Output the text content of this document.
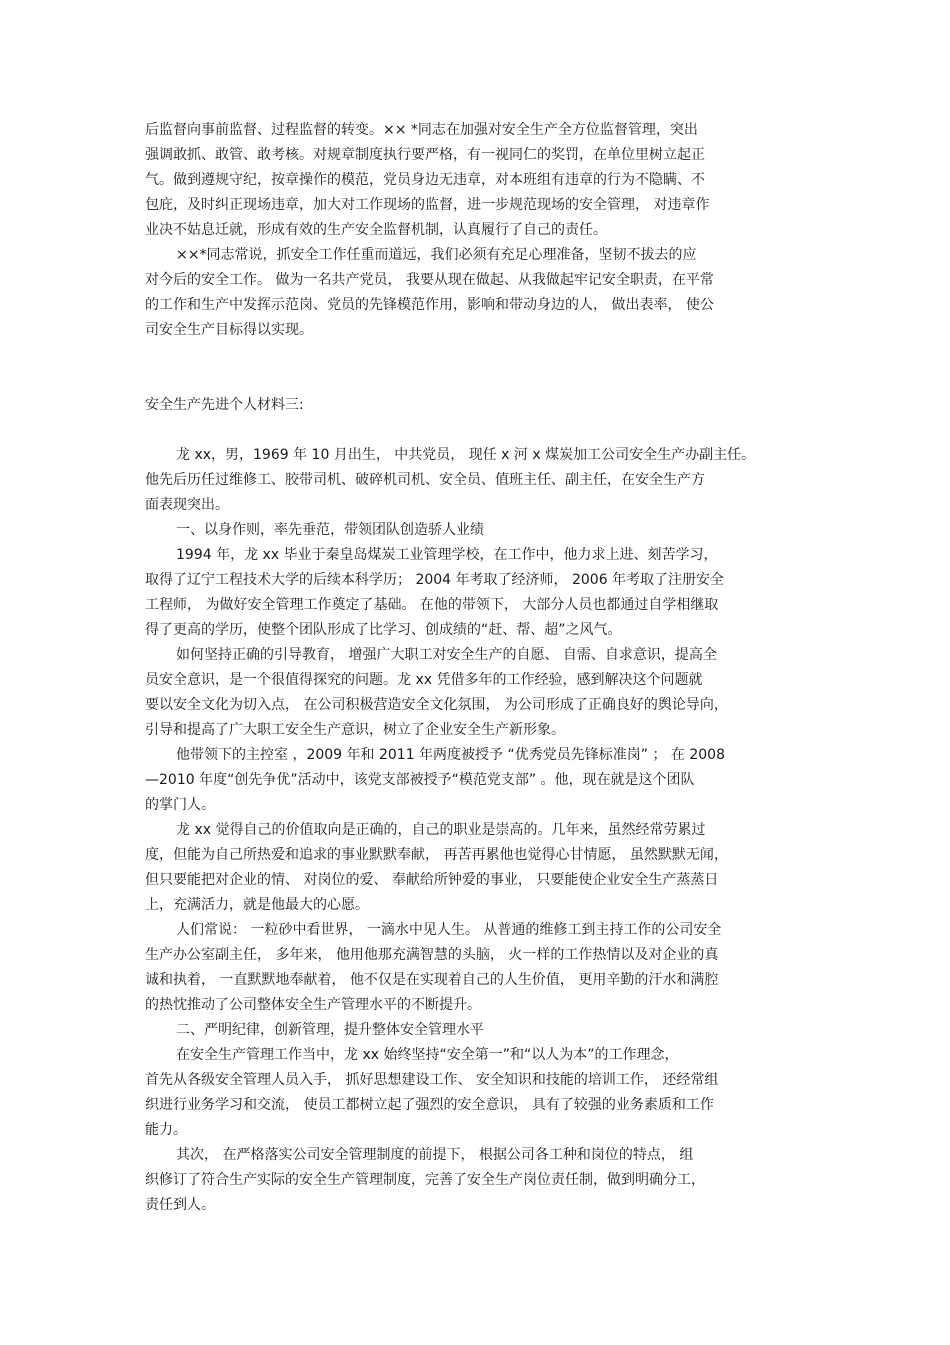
后监督向事前监督、过程监督的转变。×× *同志在加强对安全生产全方位监督管理，突出
强调敢抓、敢管、敢考核。对规章制度执行要严格，有一视同仁的奖罚，在单位里树立起正
气。做到遵规守纪，按章操作的模范，党员身边无违章，对本班组有违章的行为不隐瞒、不
包庇，及时纠正现场违章，加大对工作现场的监督，进一步规范现场的安全管理， 对违章作
业决不姑息迁就，形成有效的生产安全监督机制，认真履行了自己的责任。
××*同志常说，抓安全工作任重而道远，我们必须有充足心理准备，坚韧不拔去的应
对今后的安全工作。 做为一名共产党员， 我要从现在做起、从我做起牢记安全职责，在平常
的工作和生产中发挥示范岗、党员的先锋模范作用，影响和带动身边的人， 做出表率， 使公
司安全生产目标得以实现。
安全生产先进个人材料三:
龙 xx，男，1969 年 10 月出生， 中共党员， 现任 x 河 x 煤炭加工公司安全生产办副主任。
他先后历任过维修工、胶带司机、破碎机司机、安全员、值班主任、副主任，在安全生产方
面表现突出。
一、以身作则，率先垂范，带领团队创造骄人业绩
1994 年，龙 xx 毕业于秦皇岛煤炭工业管理学校，在工作中，他力求上进、刻苦学习，
取得了辽宁工程技术大学的后续本科学历； 2004 年考取了经济师， 2006 年考取了注册安全
工程师， 为做好安全管理工作奠定了基础。 在他的带领下， 大部分人员也都通过自学相继取
得了更高的学历，使整个团队形成了比学习、创成绩的“赶、帮、超”之风气。
如何坚持正确的引导教育， 增强广大职工对安全生产的自愿、 自需、自求意识，提高全
员安全意识，是一个很值得探究的问题。龙 xx 凭借多年的工作经验，感到解决这个问题就
要以安全文化为切入点， 在公司积极营造安全文化氛围， 为公司形成了正确良好的舆论导向，
引导和提高了广大职工安全生产意识，树立了企业安全生产新形象。
他带领下的主控室 ，2009 年和 2011 年两度被授予 “优秀党员先锋标准岗” ； 在 2008
—2010 年度“创先争优”活动中，该党支部被授予“模范党支部” 。他，现在就是这个团队
的掌门人。
龙 xx 觉得自己的价值取向是正确的，自己的职业是崇高的。几年来，虽然经常劳累过
度，但能为自己所热爱和追求的事业默默奉献， 再苦再累他也觉得心甘情愿， 虽然默默无闻，
但只要能把对企业的情、 对岗位的爱、 奉献给所钟爱的事业， 只要能使企业安全生产蒸蒸日
上，充满活力，就是他最大的心愿。
人们常说： 一粒砂中看世界， 一滴水中见人生。 从普通的维修工到主持工作的公司安全
生产办公室副主任， 多年来， 他用他那充满智慧的头脑， 火一样的工作热情以及对企业的真
诚和执着， 一直默默地奉献着， 他不仅是在实现着自己的人生价值， 更用辛勤的汗水和满腔
的热忱推动了公司整体安全生产管理水平的不断提升。
二、严明纪律，创新管理，提升整体安全管理水平
在安全生产管理工作当中，龙 xx 始终坚持“安全第一”和“以人为本”的工作理念，
首先从各级安全管理人员入手， 抓好思想建设工作、 安全知识和技能的培训工作， 还经常组
织进行业务学习和交流， 使员工都树立起了强烈的安全意识， 具有了较强的业务素质和工作
能力。
其次， 在严格落实公司安全管理制度的前提下， 根据公司各工种和岗位的特点， 组
织修订了符合生产实际的安全生产管理制度，完善了安全生产岗位责任制，做到明确分工，
责任到人。
